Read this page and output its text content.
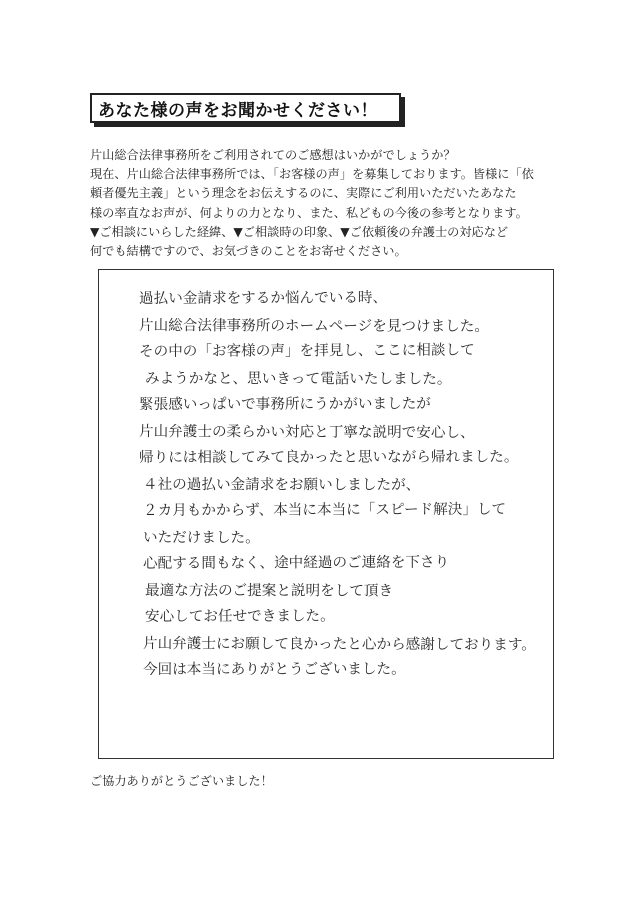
あなた様の声をお聞かせください！
片山総合法律事務所をご利用されてのご感想はいかがでしょうか？
現在、片山総合法律事務所では、「お客様の声」を募集しております。皆様に「依
頼者優先主義」という理念をお伝えするのに、実際にご利用いただいたあなた
様の率直なお声が、何よりの力となり、また、私どもの今後の参考となります。
▼ご相談にいらした経緯、▼ご相談時の印象、▼ご依頼後の弁護士の対応など
何でも結構ですので、お気づきのことをお寄せください。
過払い金請求をするか悩んでいる時、
片山総合法律事務所のホームページを見つけました。
その中の「お客様の声」を拝見し、ここに相談して
みようかなと、思いきって電話いたしました。
緊張感いっぱいで事務所にうかがいましたが
片山弁護士の柔らかい対応と丁寧な説明で安心し、
帰りには相談してみて良かったと思いながら帰れました。
４社の過払い金請求をお願いしましたが、
２カ月もかからず、本当に本当に「スピード解決」して
いただけました。
心配する間もなく、途中経過のご連絡を下さり
最適な方法のご提案と説明をして頂き
安心してお任せできました。
片山弁護士にお願して良かったと心から感謝しております。
今回は本当にありがとうございました。
ご協力ありがとうございました！
